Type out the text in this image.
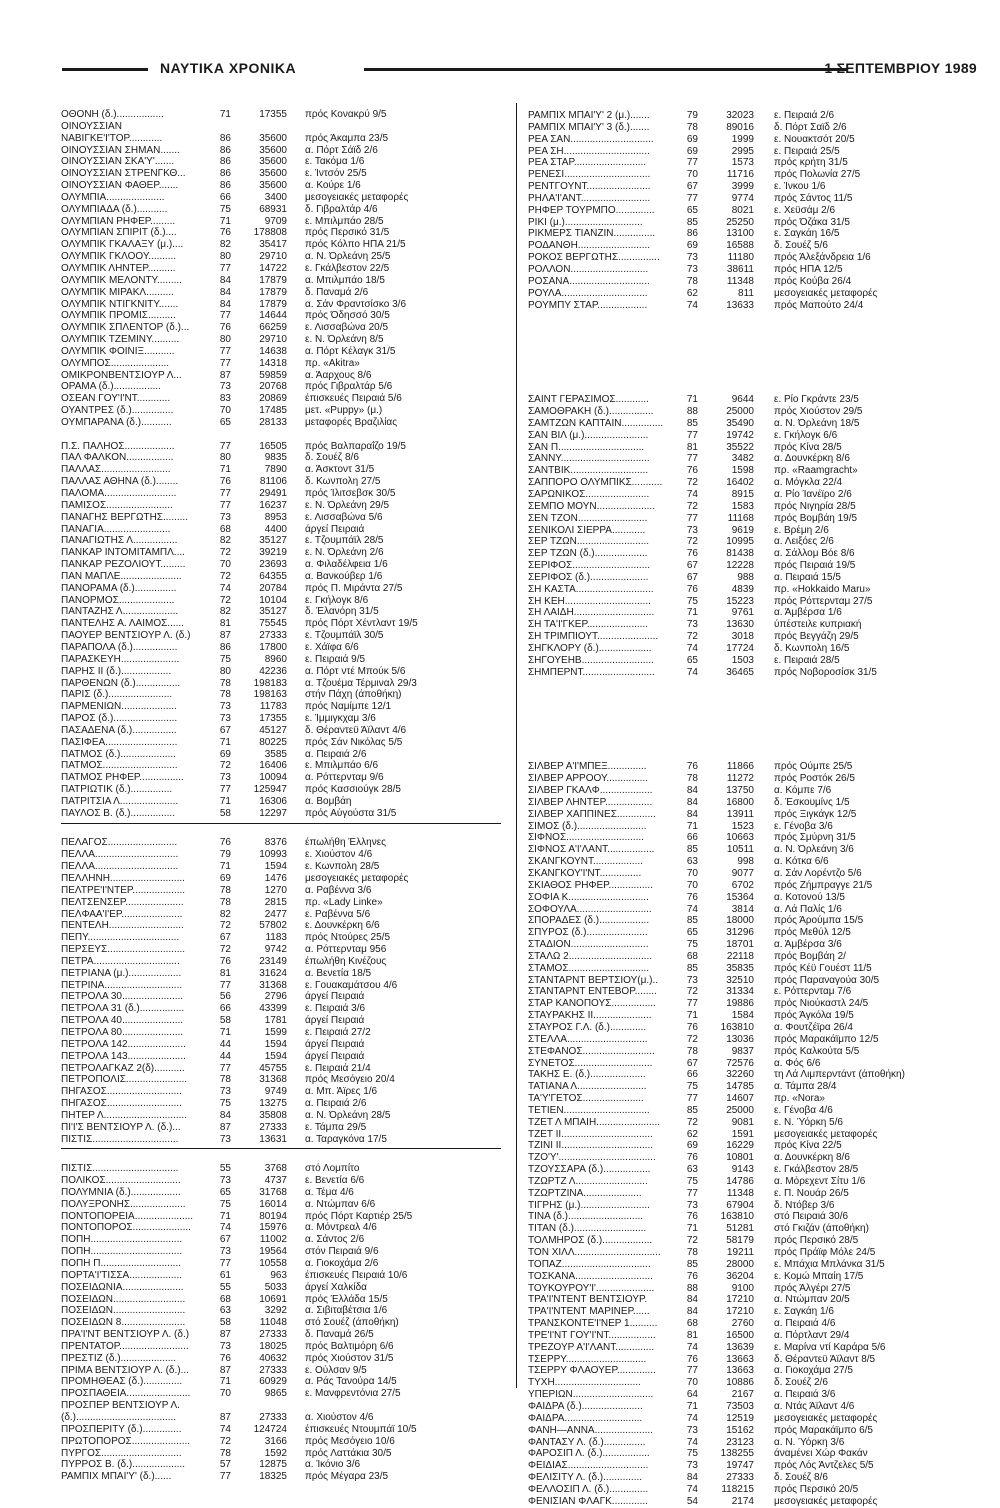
ΝΑΥΤΙΚΑ ΧΡΟΝΙΚΑ	1 ΣΕΠΤΕΜΒΡΙΟΥ 1989
ΟΘΟΝΗ (δ.).................	71	17355 πρός Κονακρύ 9/5
ΟΙΝΟΥΣΣΙΑΝ
ΝΑΒΙΓΚΕ'Ι'ΤΟΡ............	86	35600 πρός Άκαμπα 23/5
ΟΙΝΟΥΣΣΙΑΝ ΣΗΜΑΝ.......	86	35600 α. Πόρτ Σάϊδ 2/6
ΟΙΝΟΥΣΣΙΑΝ ΣΚΑ'Υ'.......	86	35600 ε. Τακόμα 1/6
ΟΙΝΟΥΣΣΙΑΝ ΣΤΡΕΝΓΚΘ...	86	35600 ε. Ίντσόν 25/5
ΟΙΝΟΥΣΣΙΑΝ ΦΑΘΕΡ.......	86	35600 α. Κούρε 1/6
ΟΛΥΜΠΙΑ.....................	66	3400 μεσογειακές μεταφορές
ΟΛΥΜΠΙΑΔΑ (δ.)...........	75	68931 δ. Γιβραλτάρ 4/6
ΟΛΥΜΠΙΑΝ ΡΗΦΕΡ.........	71	9709 ε. Μπιλμπάο 28/5
ΟΛΥΜΠΙΑΝ ΣΠΙΡΙΤ (δ.)....	76	178808 πρός Περσικό 31/5
ΟΛΥΜΠΙΚ ΓΚΑΛΑΞΥ (μ.)....	82	35417 πρός Κόλπο ΗΠΑ 21/5
ΟΛΥΜΠΙΚ ΓΚΛΟΟΥ..........	80	29710 α. Ν. Όρλεάνη 25/5
ΟΛΥΜΠΙΚ ΛΗΝΤΕΡ..........	77	14722 ε. Γκάλβεστον 22/5
ΟΛΥΜΠΙΚ ΜΕΛΟΝΤΥ.........	84	17879 α. Μπιλμπάο 18/5
ΟΛΥΜΠΙΚ ΜΙΡΑΚΛ..........	84	17879 δ. Παναμά 2/6
ΟΛΥΜΠΙΚ ΝΤΙΓΚΝΙΤΥ.......	84	17879 α. Σάν Φραντσίσκο 3/6
ΟΛΥΜΠΙΚ ΠΡΟΜΙΣ..........	77	14644 πρός Όδησσό 30/5
ΟΛΥΜΠΙΚ ΣΠΛΕΝΤΟΡ (δ.)...	76	66259 ε. Λισσαβώνα 20/5
ΟΛΥΜΠΙΚ ΤΖΕΜΙΝΥ..........	80	29710 ε. Ν. Όρλεάνη 8/5
ΟΛΥΜΠΙΚ ΦΟΙΝΙΞ...........	77	14638 α. Πόρτ Κέλαγκ 31/5
ΟΛΥΜΠΟΣ.....................	77	14318 πρ. «Akitra»
ΟΜΙΚΡΟΝΒΕΝΤΣΙΟΥΡ Λ...	87	59859 α. Άαρχους 8/6
ΟΡΑΜΑ (δ.).................	73	20768 πρός Γιβραλτάρ 5/6
ΟΣΕΑΝ ΓΟΥ'Ι'ΝΤ............	83	20869 έπισκευές Πειραιά 5/6
ΟΥΑΝΤΡΕΣ (δ.)...............	70	17485 μετ. «Puppy» (μ.)
ΟΥΜΠΑΡΑΝΑ (δ.)...........	65	28133 μεταφορές Βραζιλίας
Π.Σ. ΠΑΛΗΟΣ..................	77	16505 πρός Βαλπαραΐζο 19/5
ΠΑΛ ΦΑΛΚΟΝ.................	80	9835 δ. Σουέζ 8/6
ΠΑΛΛΑΣ.........................	71	7890 α. Άσκτοντ 31/5
ΠΑΛΛΑΣ ΑΘΗΝΑ (δ.)........	76	81106 δ. Κωνπολη 27/5
ΠΑΛΟΜΑ..........................	77	29491 πρός Ίλιτσεβσκ 30/5
ΠΑΜΙΣΟΣ........................	77	16237 ε. Ν. Όρλεάνη 29/5
ΠΑΝΑΓΗΣ ΒΕΡΓΩΤΗΣ.........	73	8953 ε. Λισσαβώνα 5/6
ΠΑΝΑΓΙΑ........................	68	4400 άργεί Πειραιά
ΠΑΝΑΓΙΩΤΗΣ Λ................	82	35127 ε. Τζουμπάϊλ 28/5
ΠΑΝΚΑΡ ΙΝΤΟΜΙΤΑΜΠΛ....	72	39219 ε. Ν. Όρλεάνη 2/6
ΠΑΝΚΑΡ ΡΕΖΟΛΙΟΥΤ.........	70	23693 α. Φιλαδέλφεια 1/6
ΠΑΝ ΜΑΠΛΕ......................	72	64355 α. Βανκούβερ 1/6
ΠΑΝΟΡΑΜΑ (δ.)...............	74	20784 πρός Π. Μιράντα 27/5
ΠΑΝΟΡΜΟΣ....................	72	10104 ε. Γκήλογκ 8/6
ΠΑΝΤΑΖΗΣ Λ....................	82	35127 δ. Έλανόρη 31/5
ΠΑΝΤΕΛΗΣ Α. ΛΑΙΜΟΣ......	81	75545 πρός Πόρτ Χέντλαντ 19/5
ΠΑΟΥΕΡ ΒΕΝΤΣΙΟΥΡ Λ. (δ.)	87	27333 ε. Τζουμπάϊλ 30/5
ΠΑΡΑΠΟΛΑ (δ.)................	86	17800 ε. Χάϊφα 6/6
ΠΑΡΑΣΚΕΥΗ.....................	75	8960 ε. Πειραιά 9/5
ΠΑΡΗΣ II (δ.)..................	80	42236 α. Πόρτ ντέ Μπούκ 5/6
ΠΑΡΘΕΝΩΝ (δ.)................	78	198183 α. Τζουέμα Τέρμιναλ 29/3
ΠΑΡΙΣ (δ.).......................	78	198163 στήν Πάχη (άποθήκη)
ΠΑΡΜΕΝΙΩΝ....................	73	11783 πρός Ναμίμπε 12/1
ΠΑΡΟΣ (δ.).......................	73	17355 ε. Ίμμιγκχαμ 3/6
ΠΑΣΑΔΕΝΑ (δ.)................	67	45127 δ. Θέραντεϋ Άϊλαντ 4/6
ΠΑΣΙΦΕΑ..........................	71	80225 πρός Σάν Νικόλας 5/5
ΠΑΤΜΟΣ (δ.)....................	69	3585 α. Πειραιά 2/6
ΠΑΤΜΟΣ...........................	72	16406 ε. Μπιλμπάο 6/6
ΠΑΤΜΟΣ ΡΗΦΕΡ................	73	10094 α. Ρόττερνταμ 9/6
ΠΑΤΡΙΩΤΙΚ (δ.)...............	77	125947 πρός Κασσιούγκ 28/5
ΠΑΤΡΙΤΣΙΑ Λ.....................	71	16306 α. Βομβάη
ΠΑΥΛΟΣ Β. (δ.)................	58	12297 πρός Αύγούστα 31/5
ΠΕΛΑΓΟΣ.........................	76	8376 έπωλήθη Έλληνες
ΠΕΛΛΑ..............................	79	10993 ε. Χιούστον 4/6
ΠΕΛΛΑ..............................	71	1594 ε. Κωνπολη 28/5
ΠΕΛΛΗΝΗ...........................	69	1476 μεσογειακές μεταφορές
ΠΕΛΤΡΕ'Ι'ΝΤΕΡ...................	78	1270 α. Ραβέννα 3/6
ΠΕΛΤΣΕΝΣΕΡ.....................	78	2815 πρ. «Lady Linke»
ΠΕΛΦΑΑ'Ι'ΕΡ......................	82	2477 ε. Ραβέννα 5/6
ΠΕΝΤΕΛΗ...........................	72	57802 ε. Δουνκέρκη 6/6
ΠΕΠΥ.................................	67	1183 πρός Ντούρες 25/5
ΠΕΡΣΕΥΣ............................	72	9742 α. Ρόττερνταμ 956
ΠΕΤΡΑ...............................	76	23149 έπωλήθη Κινέζους
ΠΕΤΡΙΑΝΑ (μ.)...................	81	31624 α. Βενετία 18/5
ΠΕΤΡΙΝΑ............................	77	31368 ε. Γουακαμάτσου 4/6
ΠΕΤΡΟΛΑ 30......................	56	2796 άργεί Πειραιά
ΠΕΤΡΟΛΑ 31 (δ.)................	66	43399 ε. Πειραιά 3/6
ΠΕΤΡΟΛΑ 40......................	58	1781 άργεί Πειραιά
ΠΕΤΡΟΛΑ 80......................	71	1599 ε. Πειραιά 27/2
ΠΕΤΡΟΛΑ 142.....................	44	1594 άργεί Πειραιά
ΠΕΤΡΟΛΑ 143.....................	44	1594 άργεί Πειραιά
ΠΕΤΡΟΛΑΓΚΑΖ 2(δ)...........	77	45755 ε. Πειραιά 21/4
ΠΕΤΡΟΠΟΛΙΣ......................	78	31368 πρός Μεσόγειο 20/4
ΠΗΓΑΣΟΣ...........................	73	9749 α. Μπ. Άϊρες 1/6
ΠΗΓΑΣΟΣ...........................	75	13275 α. Πειραιά 2/6
ΠΗΤΕΡ Λ..............................	84	35808 α. Ν. Όρλεάνη 28/5
ΠΙ'Ι'Σ ΒΕΝΤΣΙΟΥΡ Λ. (δ.)...	87	27333 ε. Τάμπα 29/5
ΠΙΣΤΙΣ...............................	73	13631 α. Ταραγκόνα 17/5
ΠΙΣΤΙΣ...............................	55	3768 στό Λομπίτο
ΠΟΛΙΚΟΣ...........................	73	4737 ε. Βενετία 6/6
ΠΟΛΥΜΝΙΑ (δ.)..................	65	31768 α. Τέμα 4/6
ΠΟΛΥΞΡΟΝΗΣ....................	75	16014 α. Ντώμπαν 6/6
ΠΟΝΤΟΠΟΡΕΙΑ.....................	71	80194 πρός Πόρτ Καρτιέρ 25/5
ΠΟΝΤΟΠΟΡΟΣ.....................	74	15976 α. Μόντρεαλ 4/6
ΠΟΠΗ.................................	67	11002 α. Σάντος 2/6
ΠΟΠΗ.................................	73	19564 στόν Πειραιά 9/6
ΠΟΠΗ Π.............................	77	10558 α. Γιοκοχάμα 2/6
ΠΟΡΤΑ'Ι'ΤΙΣΣΑ...................	61	963 έπισκευές Πειραιά 10/6
ΠΟΣΕΙΔΩΝΙΑ......................	55	5033 άργεί Χαλκίδα
ΠΟΣΕΙΔΩΝ..........................	68	10691 πρός Έλλάδα 15/5
ΠΟΣΕΙΔΩΝ..........................	63	3292 α. Σιβιταβέτσια 1/6
ΠΟΣΕΙΔΩΝ 8.......................	58	11048 στό Σουέζ (άποθήκη)
ΠΡΑ'Ι'ΝΤ ΒΕΝΤΣΙΟΥΡ Λ. (δ.)	87	27333 δ. Παναμά 26/5
ΠΡΕΝΤΑΤΟΡ.........................	73	18025 πρός Βαλτιμόρη 6/6
ΠΡΕΣΤΙΖ (δ.)....................	76	40632 πρός Χιούστον 31/5
ΠΡΙΜΑ ΒΕΝΤΣΙΟΥΡ Λ. (δ.)...	87	27333 ε. Ούλσαν 9/5
ΠΡΟΜΗΘΕΑΣ (δ.)..............	71	60929 α. Ράς Τανούρα 14/5
ΠΡΟΣΠΑΘΕΙΑ.......................	70	9865 ε. Μανφρεντόνια 27/5
ΠΡΟΣΠΕΡ ΒΕΝΤΣΙΟΥΡ Λ.
(δ.)....................................	87	27333 α. Χιούστον 4/6
ΠΡΟΣΠΕΡΙΤΥ (δ.)..............	74	124724 έπισκευές Ντουμπάϊ 10/5
ΠΡΩΤΟΠΟΡΟΣ.....................	72	3166 πρός Μεσόγειο 10/6
ΠΥΡΓΟΣ.............................	78	1592 πρός Λαττάκια 30/5
ΠΥΡΡΟΣ Β. (δ.)...................	57	12875 α. Ίκόνιο 3/6
ΡΑΜΠΙΧ ΜΠΑΙ'Υ' (δ.)......	77	18325 πρός Μέγαρα 23/5
ΡΑΜΠΙΧ ΜΠΑΙ'Υ' 2 (μ.).......	79	32023 ε. Πειραιά 2/6
ΡΑΜΠΙΧ ΜΠΑΙ'Υ' 3 (δ.).......	78	89016 δ. Πόρτ Σαϊδ 2/6
ΡΕΑ ΣΑΝ..............................	69	1999 ε. Νουακτσότ 20/5
ΡΕΑ ΣΗ...............................	69	2995 ε. Πειραιά 25/5
ΡΕΑ ΣΤΑΡ..........................	77	1573 πρός κρήτη 31/5
ΡΕΝΕΣΙ...............................	70	11716 πρός Πολωνία 27/5
ΡΕΝΤΓΟΥΝΤ.......................	67	3999 ε. Ίνκου 1/6
ΡΗΛΑ'Ι'ΑΝΤ.........................	77	9774 πρός Σάντος 11/5
ΡΗΦΕΡ ΤΟΥΡΜΠΟ..............	65	8021 ε. Χεϋσάμ 2/6
ΡΙΚΙ (μ.)............................	85	25250 πρός Όζάκα 31/5
ΡΙΚΜΕΡΣ ΤΙΑΝΖΙΝ...............	86	13100 ε. Σαγκάη 16/5
ΡΟΔΑΝΘΗ..........................	69	16588 δ. Σουέζ 5/6
ΡΟΚΟΣ ΒΕΡΓΩΤΗΣ...............	73	11180 πρός Άλεξάνδρεια 1/6
ΡΟΛΛΟΝ............................	73	38611 πρός ΗΠΑ 12/5
ΡΟΣΑΝΑ.............................	78	11348 πρός Κούβα 26/4
ΡΟΥΛΑ...............................	62	811 μεσογειακές μεταφορές
ΡΟΥΜΠΥ ΣΤΑΡ..................	74	13633 πρός Μαπούτο 24/4
ΣΑΙΝΤ ΓΕΡΑΣΙΜΟΣ............	71	9644 ε. Ρίο Γκράντε 23/5
ΣΑΜΟΘΡΑΚΗ (δ.)................	88	25000 πρός Χιούστον 29/5
ΣΑΜΤΖΩΝ ΚΑΠΤΑΙΝ...............	85	35490 α. Ν. Όρλεάνη 18/5
ΣΑΝ ΒΙΛ (μ.).......................	77	19742 ε. Γκήλογκ 6/6
ΣΑΝ Π...............................	81	35522 πρός Κίνα 28/5
ΣΑΝΝΥ................................	77	3482 α. Δουνκέρκη 8/6
ΣΑΝΤΒΙΚ............................	76	1598 πρ. «Raamgracht»
ΣΑΠΠΟΡΟ ΟΛΥΜΠΙΚΣ...........	72	16402 α. Μόγκλα 22/4
ΣΑΡΩΝΙΚΟΣ.......................	74	8915 α. Ρίο Ίανέϊρο 2/6
ΣΕΜΠΟ ΜΟΥΝ.....................	72	1583 πρός Νιγηρία 28/5
ΣΕΝ ΤΖΟΝ.........................	77	11168 πρός Βομβάη 19/5
ΣΕΝΙΚΟΛΙ ΣΙΕΡΡΑ............	73	9619 ε. Βρέμη 2/6
ΣΕΡ ΤΖΩΝ..........................	72	10995 α. Λειξόες 2/6
ΣΕΡ ΤΖΩΝ (δ.)...................	76	81438 α. Σάλλομ Βόε 8/6
ΣΕΡΙΦΟΣ............................	67	12228 πρός Πειραιά 19/5
ΣΕΡΙΦΟΣ (δ.).....................	67	988 α. Πειραιά 15/5
ΣΗ ΚΑΣΤΑ............................	76	4839 πρ. «Hokkaido Maru»
ΣΗ ΚΕΗ...............................	75	15223 πρός Ρόττερνταμ 27/5
ΣΗ ΛΑΙΔΗ.............................	71	9761 α. Άμβέρσα 1/6
ΣΗ ΤΑ'Ι'ΓΚΕΡ......................	73	13630 ύπέστειλε κυπριακή
ΣΗ ΤΡΙΜΠΙΟΥΤ......................	72	3018 πρός Βεγγάζη 29/5
ΣΗΓΚΛΟΡΥ (δ.)...................	74	17724 δ. Κωνπολη 16/5
ΣΗΓΟΥΕΗΒ..........................	65	1503 ε. Πειραιά 28/5
ΣΗΜΠΕΡΝΤ..........................	74	36465 πρός Νοβοροσίσκ 31/5
ΣΙΛΒΕΡ Α'Ι'ΜΠΕΞ..............	76	11866 πρός Ούμπε 25/5
ΣΙΛΒΕΡ ΑΡΡΟΟΥ...............	78	11272 πρός Ροστόκ 26/5
ΣΙΛΒΕΡ ΓΚΑΛΦ...................	84	13750 α. Κόμπε 7/6
ΣΙΛΒΕΡ ΛΗΝΤΕΡ.................	84	16800 δ. Έσκουμίνς 1/5
ΣΙΛΒΕΡ ΧΑΠΠΙΝΕΣ..............	84	13911 πρός Ξιγκάγκ 12/5
ΣΙΜΟΣ (δ.).........................	71	1523 ε. Γένοβα 3/6
ΣΙΦΝΟΣ............................	66	10663 πρός Σμύρνη 31/5
ΣΙΦΝΟΣ Α'Ι'ΛΑΝΤ.................	85	10511 α. Ν. Όρλεάνη 3/6
ΣΚΑΝΓΚΟΥΝΤ..................	63	998 α. Κότκα 6/6
ΣΚΑΝΓΚΟΥ'Ι'ΝΤ...............	70	9077 α. Σάν Λορέντζο 5/6
ΣΚΙΑΘΟΣ ΡΗΦΕΡ................	70	6702 πρός Ζήμπραγγε 21/5
ΣΟΦΙΑ Κ.............................	76	15364 α. Κοτονού 13/5
ΣΟΦΟΥΛΑ...........................	74	3814 α. Λά Παλίς 1/6
ΣΠΟΡΑΔΕΣ (δ.)..................	85	18000 πρός Άρούμπα 15/5
ΣΠΥΡΟΣ (δ.)......................	65	31296 πρός Μεθύλ 12/5
ΣΤΑΔΙΟΝ............................	75	18701 α. Άμβέρσα 3/6
ΣΤΑΛΩ 2..............................	68	22118 πρός Βομβάη 2/
ΣΤΑΜΟΣ.............................	85	35835 πρός Κέϋ Γουέστ 11/5
ΣΤΑΝΤΑΡΝΤ ΒΕΡΤΣΙΟΥ(μ.)..	73	32510 πρός Παραναγούα 30/5
ΣΤΑΝΤΑΡΝΤ ΕΝΤΕΒΟΡ........	72	31334 ε. Ρόττερνταμ 7/6
ΣΤΑΡ ΚΑΝΟΠΟΥΣ................	77	19886 πρός Νιούκαστλ 24/5
ΣΤΑΥΡΑΚΗΣ II.....................	71	1584 πρός Άγκόλα 19/5
ΣΤΑΥΡΟΣ Γ.Λ. (δ.).............	76	163810 α. Φουτζέϊρα 26/4
ΣΤΕΛΛΑ.............................	72	13036 πρός Μαρακάϊμπο 12/5
ΣΤΕΦΑΝΟΣ..........................	78	9837 πρός Καλκούτα 5/5
ΣΥΝΕΤΟΣ............................	67	72576 α. Φός 6/6
ΤΑΚΗΣ Ε. (δ.)....................	66	32260 τη Λά Λιμπερντάντ (άποθήκη)
ΤΑΤΙΑΝΑ Λ.........................	75	14785 α. Τάμπα 28/4
ΤΑ'Υ'ΓΕΤΟΣ......................	77	14607 πρ. «Nora»
ΤΕΤΙΕΝ...............................	85	25000 ε. Γένοβα 4/6
ΤΖΕΤ Λ ΜΠΑΙΗ.......................	72	9081 ε. Ν. Ύόρκη 5/6
ΤΖΕΤ II.................................	62	1591 μεσογειακές μεταφορές
ΤΖΙΝΙ II.................................	69	16229 πρός Κίνα 22/5
ΤΖΟ'Υ'...................................	76	10801 α. Δουνκέρκη 8/6
ΤΖΟΥΣΣΑΡΑ (δ.).................	63	9143 ε. Γκάλβεστον 28/5
ΤΖΩΡΤΖ Λ..........................	75	14786 α. Μόρεχεντ Σίτυ 1/6
ΤΖΩΡΤΖΙΝΑ.....................	77	11348 ε. Π. Νουάρ 26/5
ΤΙΓΡΗΣ (μ.).........................	73	67904 δ. Ντόβερ 3/6
ΤΙΝΑ (δ.)...........................	76	163810 στό Πειραιά 30/6
ΤΙΤΑΝ (δ.)..........................	71	51281 στό Γκιζάν (άποθήκη)
ΤΟΛΜΗΡΟΣ (δ.)..................	72	58179 πρός Περσικό 28/5
ΤΟΝ ΧΙΛΛ...............................	78	19211 πρός Πράϊφ Μόλε 24/5
ΤΟΠΑΖ................................	85	28000 ε. Μπάχια Μπλάνκα 31/5
ΤΟΣΚΑΝΑ............................	76	36204 ε. Κομώ Μπαίη 17/5
ΤΟΥΚΟΥΡΟΥ'Ι'.....................	88	9100 πρός Άλγέρι 27/5
ΤΡΑ'Ι'ΝΤΕΝΤ ΒΕΝΤΣΙΟΥΡ.	84	17210 α. Ντώμπαν 20/5
ΤΡΑ'Ι'ΝΤΕΝΤ ΜΑΡΙΝΕΡ......	84	17210 ε. Σαγκάη 1/6
ΤΡΑΝΣΚΟΝΤΕ'Ι'ΝΕΡ 1..........	68	2760 α. Πειραιά 4/6
ΤΡΕ'Ι'ΝΤ ΓΟΥ'Ι'ΝΤ.................	81	16500 α. Πόρτλαντ 29/4
ΤΡΕΖΟΥΡ Α'Ι'ΛΑΝΤ..............	74	13639 ε. Μαρίνα ντί Καράρα 5/6
ΤΣΕΡΡΥ.............................	76	13663 δ. Θέραντεϋ Άϊλαντ 8/5
ΤΣΕΡΡΥ ΦΛΑΟΥΕΡ..............	77	13663 α. Γιοκοχάμα 27/5
ΤΥΧΗ...............................	70	10886 δ. Σουέζ 2/6
ΥΠΕΡΙΩΝ.............................	64	2167 α. Πειραιά 3/6
ΦΑΙΔΡΑ (δ.)......................	71	73503 α. Ντάς Άϊλαντ 4/6
ΦΑΙΔΡΑ............................	74	12519 μεσογειακές μεταφορές
ΦΑΝΗ—ΑΝΝΑ.....................	73	15162 πρός Μαρακάϊμπο 6/5
ΦΑΝΤΑΣΥ Λ. (δ.)...............	74	23123 α. Ν. Ύόρκη 3/6
ΦΑΡΟΣΙΠ Λ. (δ.).................	75	138255 άναμένει Χώρ Φακάν
ΦΕΙΔΙΑΣ.............................	73	19747 πρός Λός Άντζελες 5/5
ΦΕΛΙΣΙΤΥ Λ. (δ.)..............	84	27333 δ. Σουέζ 8/6
ΦΕΛΛΟΣΙΠ Λ. (δ.)..............	74	118215 πρός Περσικό 20/5
ΦΕΝΙΣΙΑΝ ΦΛΑΓΚ.............	54	2174 μεσογειακές μεταφορές
